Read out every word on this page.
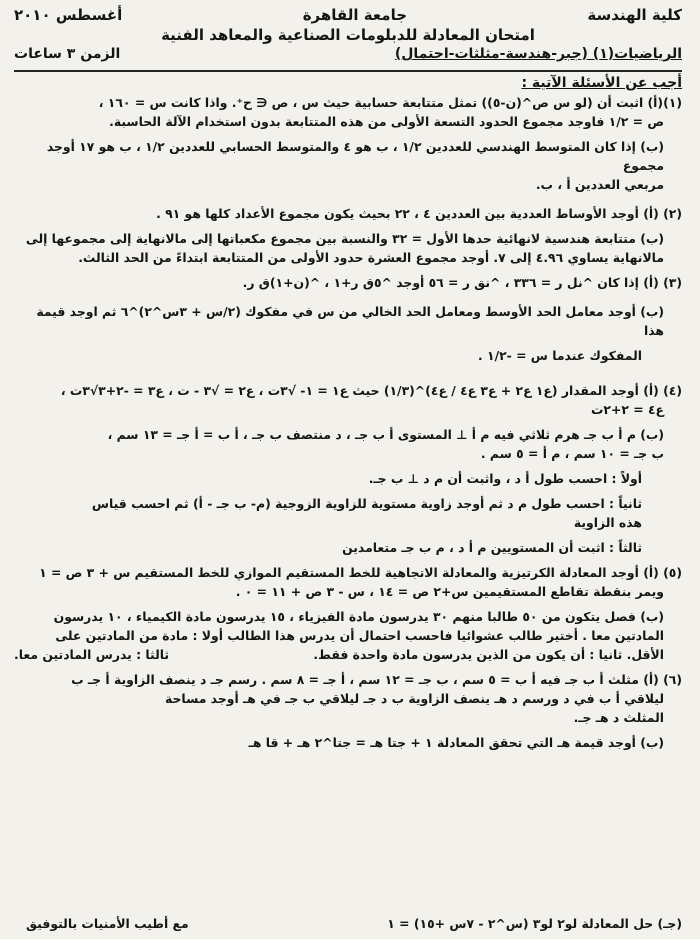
كلية الهندسة
جامعة القاهرة
أغسطس ٢٠١٠
امتحان المعادلة للدبلومات الصناعية والمعاهد الفنية
الرياضيات(١) (جبر-هندسة-مثلثات-احتمال)
الزمن ٣ ساعات
أجب عن الأسئلة الآتية :

(١)(أ) اثبت أن (لو س ص^(ن-٥)) تمثل متتابعة حسابية حيث س ، ص ∈ ح⁺. واذا كانت س = ١٦٠ ،

ص = ١/٢ فاوجد مجموع الحدود التسعة الأولى من هذه المتتابعة بدون استخدام الآلة الحاسبة.

(ب) إذا كان المتوسط الهندسي للعددين ١/٢ ، ب هو ٤ والمتوسط الحسابي للعددين ١/٢ ، ب هو ١٧ أوجد مجموع

مربعي العددين أ ، ب.

(٢) (أ) أوجد الأوساط العددية بين العددين ٤ ، ٢٢ بحيث يكون مجموع الأعداد كلها هو ٩١ .

(ب) متتابعة هندسية لانهائية حدها الأول = ٣٢ والنسبة بين مجموع مكعباتها إلى مالانهاية إلى مجموعها إلى

مالانهاية يساوي ٤.٩٦ إلى ٧. أوجد مجموع العشرة حدود الأولى من المتتابعة ابتداءً من الحد الثالث.

(٣) (أ) إذا كان ^نل ر = ٣٣٦ ، ^نق ر = ٥٦ أوجد ^٥ق ر+١ ، ^(ن+١)ق ر.

(ب) أوجد معامل الحد الأوسط ومعامل الحد الخالي من س في مفكوك (٢/س + ٣س^٢)^٦ ثم اوجد قيمة هذا

المفكوك عندما س = -١/٢ .

(٤) (أ) أوجد المقدار (ع١ ع٢ + ع٣ ع٤ / ع٤)^(١/٣) حيث ع١ = ١- √٣ت ، ع٢ = √٣ - ت ، ع٣ = -٢+٣√٣ت ،

ع٤ = ٢+٢ت

(ب) م أ ب جـ هرم ثلاثي فيه م أ ⊥ المستوى أ ب جـ ، د منتصف ب جـ ، أ ب = أ جـ = ١٣ سم ،

ب جـ = ١٠ سم ، م أ = ٥ سم .

أولاً : احسب طول أ د ، واثبت أن م د ⊥ ب جـ.

ثانياً : احسب طول م د ثم أوجد زاوية مستوية للزاوية الزوجية (م- ب جـ - أ) ثم احسب قياس

هذه الزاوية

ثالثاً : اثبت أن المستويين م أ د ، م ب جـ متعامدين

(٥) (أ) أوجد المعادلة الكرتيزية والمعادلة الاتجاهية للخط المستقيم الموازي للخط المستقيم س + ٣ ص = ١

ويمر بنقطة تقاطع المستقيمين س+٢ ص = ١٤ ، س - ٣ ص + ١١ = ٠ .

(ب) فصل يتكون من ٥٠ طالبا منهم ٣٠ يدرسون مادة الفيزياء ، ١٥ يدرسون مادة الكيمياء ، ١٠ يدرسون

المادتين معا . أختير طالب عشوائيا فاحسب احتمال أن يدرس هذا الطالب أولا : مادة من المادتين على

الأقل. ثانيا : أن يكون من الذين يدرسون مادة واحدة فقط.
ثالثا : يدرس المادتين معا.

(٦) (أ) مثلث أ ب جـ فيه أ ب = ٥ سم ، ب جـ = ١٢ سم ، أ جـ = ٨ سم . رسم جـ د ينصف الزاوية أ جـ ب

ليلاقي أ ب في د ورسم د هـ ينصف الزاوية ب د جـ ليلاقي ب جـ في هـ أوجد مساحة

المثلث د هـ جـ.

(ب) أوجد قيمة هـ التي تحقق المعادلة ١ + جتا هـ = جتا^٢ هـ + قا هـ

(جـ) حل المعادلة لو٢ لو٣ (س^٢ - ٧س +١٥) = ١
مع أطيب الأمنيات بالتوفيق
